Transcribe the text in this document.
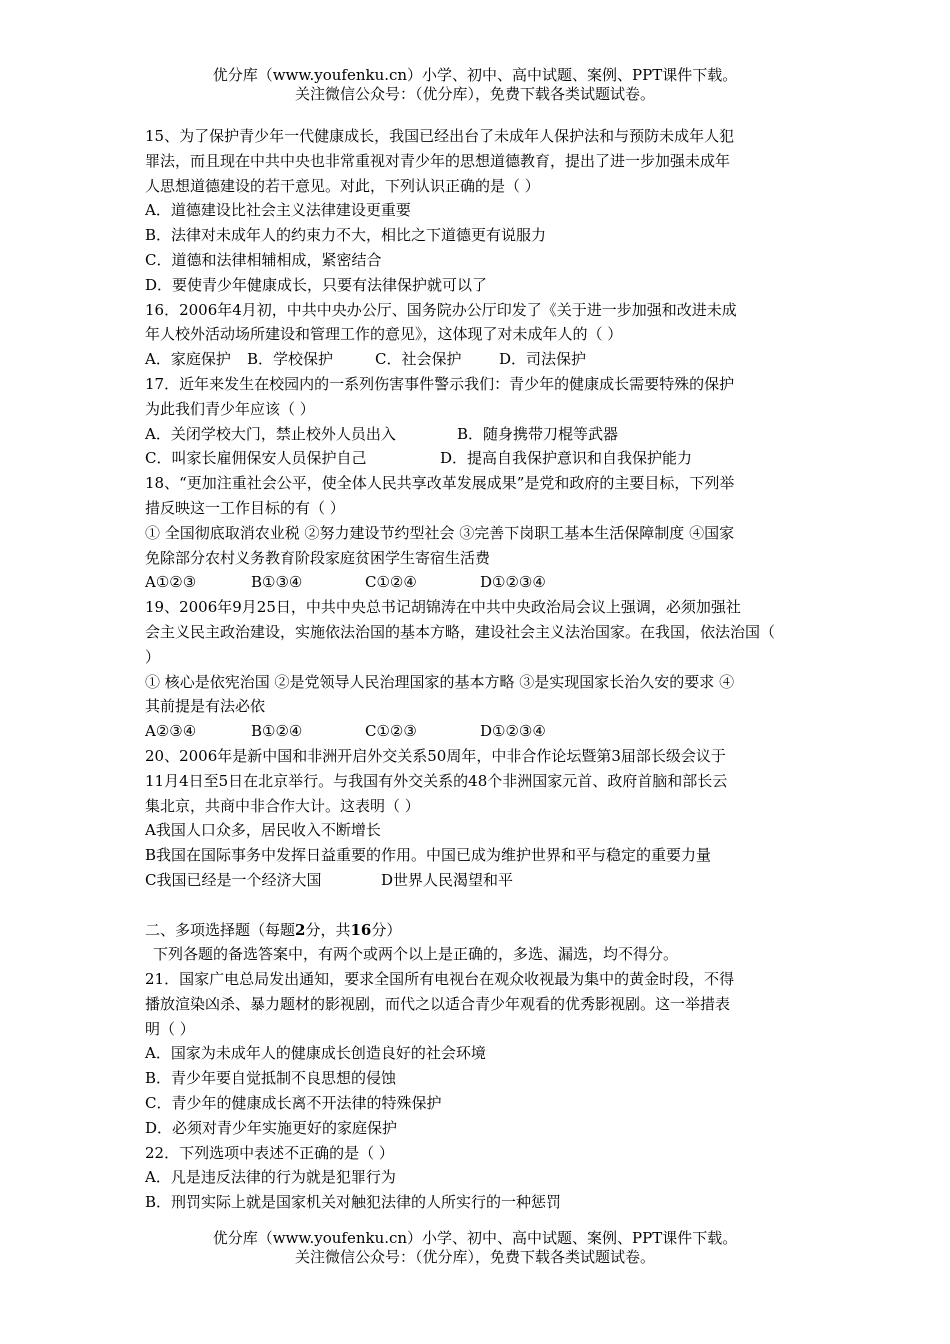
优分库（www.youfenku.cn）小学、初中、高中试题、案例、PPT课件下载。
关注微信公众号：（优分库），免费下载各类试题试卷。
15、为了保护青少年一代健康成长，我国已经出台了未成年人保护法和与预防未成年人犯
罪法，而且现在中共中央也非常重视对青少年的思想道德教育，提出了进一步加强未成年
人思想道德建设的若干意见。对此，下列认识正确的是（ ）
A．道德建设比社会主义法律建设更重要
B．法律对未成年人的约束力不大，相比之下道德更有说服力
C．道德和法律相辅相成，紧密结合
D．要使青少年健康成长，只要有法律保护就可以了
16．2006年4月初，中共中央办公厅、国务院办公厅印发了《关于进一步加强和改进未成
年人校外活动场所建设和管理工作的意见》，这体现了对未成年人的（ ）
A．家庭保护 B．学校保护	C．社会保护	D．司法保护
17．近年来发生在校园内的一系列伤害事件警示我们：青少年的健康成长需要特殊的保护
为此我们青少年应该（ ）
A．关闭学校大门，禁止校外人员出入	B．随身携带刀棍等武器
C．叫家长雇佣保安人员保护自己	D．提高自我保护意识和自我保护能力
18、“更加注重社会公平，使全体人民共享改革发展成果”是党和政府的主要目标，下列举
措反映这一工作目标的有（ ）
① 全国彻底取消农业税 ②努力建设节约型社会 ③完善下岗职工基本生活保障制度 ④国家
免除部分农村义务教育阶段家庭贫困学生寄宿生活费
A①②③	B①③④	C①②④	D①②③④
19、2006年9月25日，中共中央总书记胡锦涛在中共中央政治局会议上强调，必须加强社
会主义民主政治建设，实施依法治国的基本方略，建设社会主义法治国家。在我国，依法治国（
）
① 核心是依宪治国 ②是党领导人民治理国家的基本方略 ③是实现国家长治久安的要求 ④
其前提是有法必依
A②③④	B①②④	C①②③	D①②③④
20、2006年是新中国和非洲开启外交关系50周年，中非合作论坛暨第3届部长级会议于
11月4日至5日在北京举行。与我国有外交关系的48个非洲国家元首、政府首脑和部长云
集北京，共商中非合作大计。这表明（ ）
A我国人口众多，居民收入不断增长
B我国在国际事务中发挥日益重要的作用。中国已成为维护世界和平与稳定的重要力量
C我国已经是一个经济大国	D世界人民渴望和平
二、多项选择题（每题2分，共16分）
下列各题的备选答案中，有两个或两个以上是正确的，多选、漏选，均不得分。
21．国家广电总局发出通知，要求全国所有电视台在观众收视最为集中的黄金时段，不得
播放渲染凶杀、暴力题材的影视剧，而代之以适合青少年观看的优秀影视剧。这一举措表
明（ ）
A．国家为未成年人的健康成长创造良好的社会环境
B．青少年要自觉抵制不良思想的侵蚀
C．青少年的健康成长离不开法律的特殊保护
D．必须对青少年实施更好的家庭保护
22．下列选项中表述不正确的是（ ）
A．凡是违反法律的行为就是犯罪行为
B．刑罚实际上就是国家机关对触犯法律的人所实行的一种惩罚
优分库（www.youfenku.cn）小学、初中、高中试题、案例、PPT课件下载。
关注微信公众号：（优分库），免费下载各类试题试卷。
